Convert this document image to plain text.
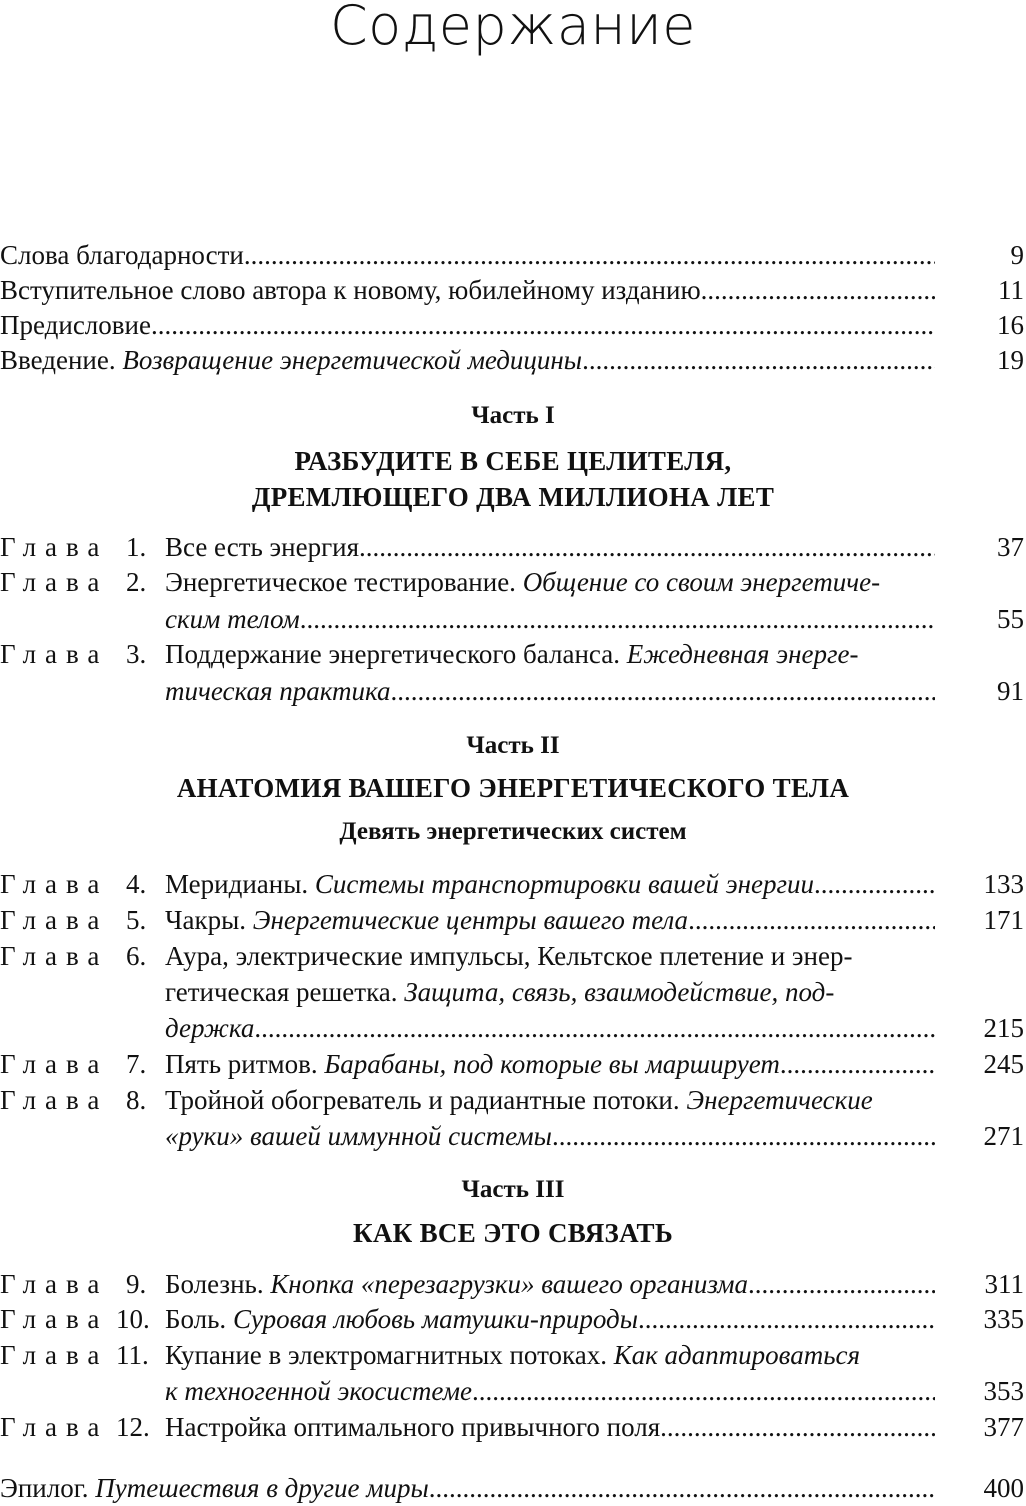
Содержание
Слова благодарности .....	9
Вступительное слово автора к новому, юбилейному изданию .....	11
Предисловие .....	16
Введение. Возвращение энергетической медицины .....	19
Часть I
РАЗБУДИТЕ В СЕБЕ ЦЕЛИТЕЛЯ,
ДРЕМЛЮЩЕГО ДВА МИЛЛИОНА ЛЕТ
Глава 1. Все есть энергия .....	37
Глава 2. Энергетическое тестирование. Общение со своим энергетиче-
ским телом .....	55
Глава 3. Поддержание энергетического баланса. Ежедневная энерге-
тическая практика .....	91
Часть II
АНАТОМИЯ ВАШЕГО ЭНЕРГЕТИЧЕСКОГО ТЕЛА
Девять энергетических систем
Глава 4. Меридианы. Системы транспортировки вашей энергии .....	133
Глава 5. Чакры. Энергетические центры вашего тела .....	171
Глава 6. Аура, электрические импульсы, Кельтское плетение и энер-
гетическая решетка. Защита, связь, взаимодействие, под-
держка .....	215
Глава 7. Пять ритмов. Барабаны, под которые вы марширует .....	245
Глава 8. Тройной обогреватель и радиантные потоки. Энергетические
«руки» вашей иммунной системы .....	271
Часть III
КАК ВСЕ ЭТО СВЯЗАТЬ
Глава 9. Болезнь. Кнопка «перезагрузки» вашего организма .....	311
Глава 10. Боль. Суровая любовь матушки-природы .....	335
Глава 11. Купание в электромагнитных потоках. Как адаптироваться
к техногенной экосистеме .....	353
Глава 12. Настройка оптимального привычного поля .....	377
Эпилог. Путешествия в другие миры .....	400
